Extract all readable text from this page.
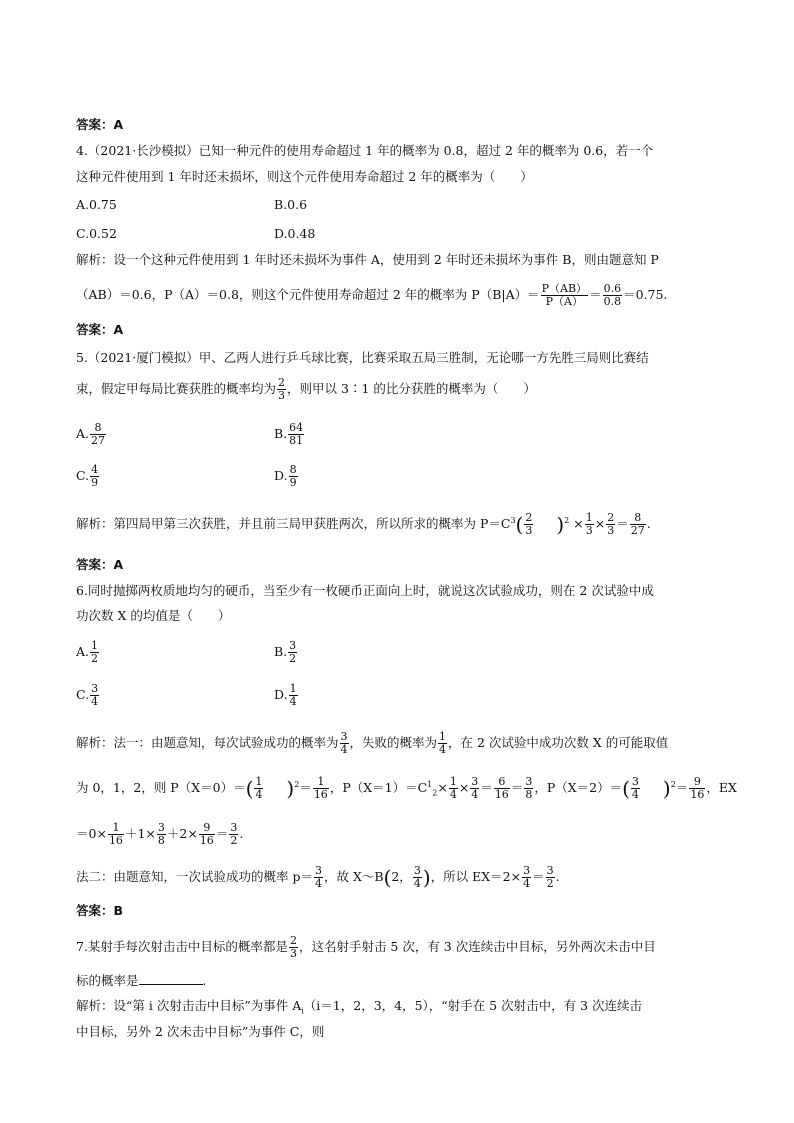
答案：A
4.（2021·长沙模拟）已知一种元件的使用寿命超过 1 年的概率为 0.8，超过 2 年的概率为 0.6，若一个
这种元件使用到 1 年时还未损坏，则这个元件使用寿命超过 2 年的概率为（　　）
A.0.75	B.0.6
C.0.52	D.0.48
解析：设一个这种元件使用到 1 年时还未损坏为事件 A，使用到 2 年时还未损坏为事件 B，则由题意知 P
（AB）＝0.6，P（A）＝0.8，则这个元件使用寿命超过 2 年的概率为 $P(B|A)= \frac{P(AB)}{P(A)} = \frac{0.6}{0.8} =0.75$.
答案：A
5.（2021·厦门模拟）甲、乙两人进行乒乓球比赛，比赛采取五局三胜制，无论哪一方先胜三局则比赛结
束，假定甲每局比赛获胜的概率均为 $\frac{2}{3}$ ，则甲以 3∶1 的比分获胜的概率为（　　）
A. $\frac{8}{27}$	B. $\frac{64}{81}$
C. $\frac{4}{9}$	D. $\frac{8}{9}$
解析：第四局甲第三次获胜，并且前三局甲获胜两次，所以所求的概率为 $P=C^3( \frac{2}{3} )^2 \times \frac{1}{3} \times \frac{2}{3} = \frac{8}{27}$ .
答案：A
6.同时抛掷两枚质地均匀的硬币，当至少有一枚硬币正面向上时，就说这次试验成功，则在 2 次试验中成
功次数 X 的均值是（　　）
A. $\frac{1}{2}$	B. $\frac{3}{2}$
C. $\frac{3}{4}$	D. $\frac{1}{4}$
解析：法一：由题意知，每次试验成功的概率为 $\frac{3}{4}$ ，失败的概率为 $\frac{1}{4}$ ，在 2 次试验中成功次数 X 的可能取值
为 0，1，2，则 $P(X=0)=( \frac{1}{4} )^2= \frac{1}{16}$ ，$P(X=1)=C^1_2\times \frac{1}{4} \times \frac{3}{4} = \frac{6}{16} = \frac{3}{8}$ ，$P(X=2)=( \frac{3}{4} )^2= \frac{9}{16}$ ，EX
$=0\times \frac{1}{16} +1\times \frac{3}{8} +2\times \frac{9}{16} = \frac{3}{2}$ .
法二：由题意知，一次试验成功的概率 $p= \frac{3}{4}$ ，故 X～B(2， $\frac{3}{4}$ )，所以 $EX=2\times \frac{3}{4} = \frac{3}{2}$ .
答案：B
7.某射手每次射击击中目标的概率都是 $\frac{2}{3}$ ，这名射手射击 5 次，有 3 次连续击中目标，另外两次未击中目
标的概率是	.
解析：设“第 i 次射击击中目标”为事件 $A_i(i=1$，2，3，4，5），“射手在 5 次射击中，有 3 次连续击
中目标，另外 2 次未击中目标”为事件 C，则
